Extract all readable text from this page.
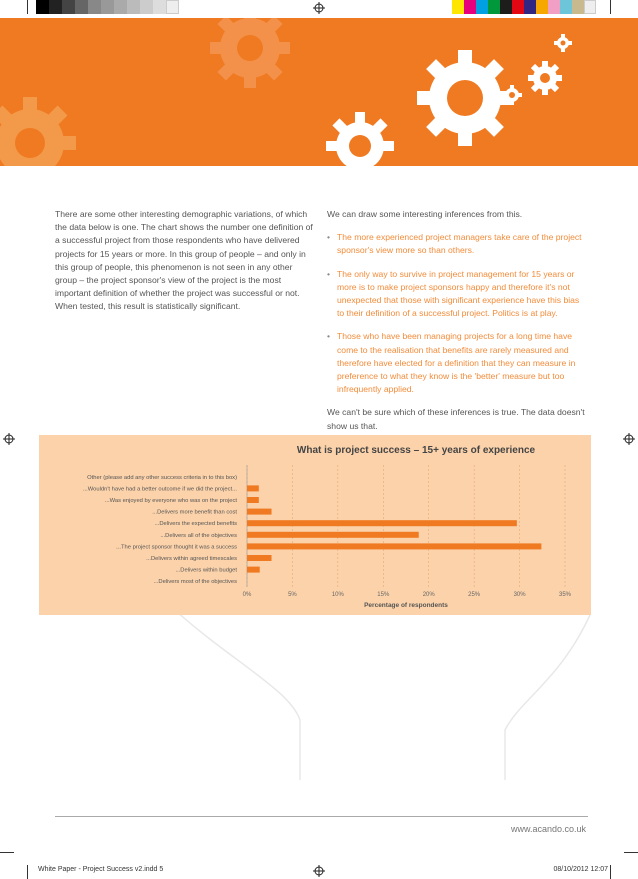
There are some other interesting demographic variations, of which the data below is one. The chart shows the number one definition of a successful project from those respondents who have delivered projects for 15 years or more. In this group of people – and only in this group of people, this phenomenon is not seen in any other group – the project sponsor's view of the project is the most important definition of whether the project was successful or not. When tested, this result is statistically significant.

We can draw some interesting inferences from this.

• The more experienced project managers take care of the project sponsor's view more so than others.
• The only way to survive in project management for 15 years or more is to make project sponsors happy and therefore it's not unexpected that those with significant experience have this bias to their definition of a successful project. Politics is at play.
• Those who have been managing projects for a long time have come to the realisation that benefits are rarely measured and therefore have elected for a definition that they can measure in preference to what they know is the 'better' measure but too infrequently applied.

We can't be sure which of these inferences is true. The data doesn't show us that.

0%	5%	10%	15%	20%	25%	30%	35%
What is project success – 15+ years of experience
Other (please add any other success criteria in to this box)
...Wouldn't have had a better outcome if we did the project...
...Was enjoyed by everyone who was on the project
...Delivers more benefit than cost
...Delivers the expected benefits
...Delivers all of the objectives
...The project sponsor thought it was a success
...Delivers within agreed timescales
...Delivers within budget
...Delivers most of the objectives
Percentage of respondents
www.acando.co.uk
White Paper - Project Success v2.indd 5	08/10/2012 12:07
